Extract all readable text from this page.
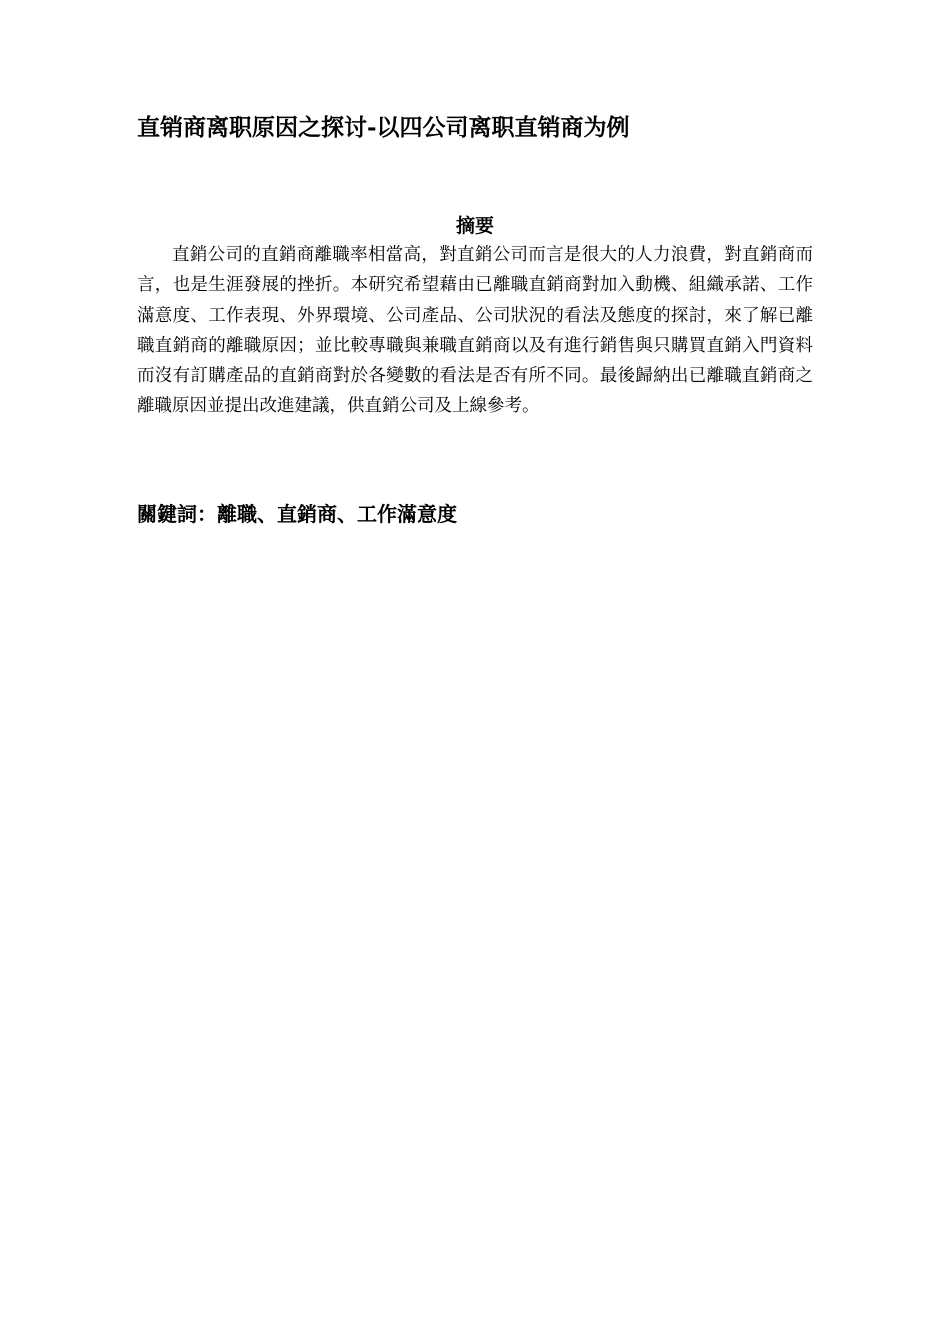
直销商离职原因之探讨-以四公司离职直销商为例
摘要
直銷公司的直銷商離職率相當高，對直銷公司而言是很大的人力浪費，對直銷商而言，也是生涯發展的挫折。本研究希望藉由已離職直銷商對加入動機、組織承諾、工作滿意度、工作表現、外界環境、公司產品、公司狀況的看法及態度的探討，來了解已離職直銷商的離職原因；並比較專職與兼職直銷商以及有進行銷售與只購買直銷入門資料而沒有訂購產品的直銷商對於各變數的看法是否有所不同。最後歸納出已離職直銷商之離職原因並提出改進建議，供直銷公司及上線參考。
關鍵詞：離職、直銷商、工作滿意度
